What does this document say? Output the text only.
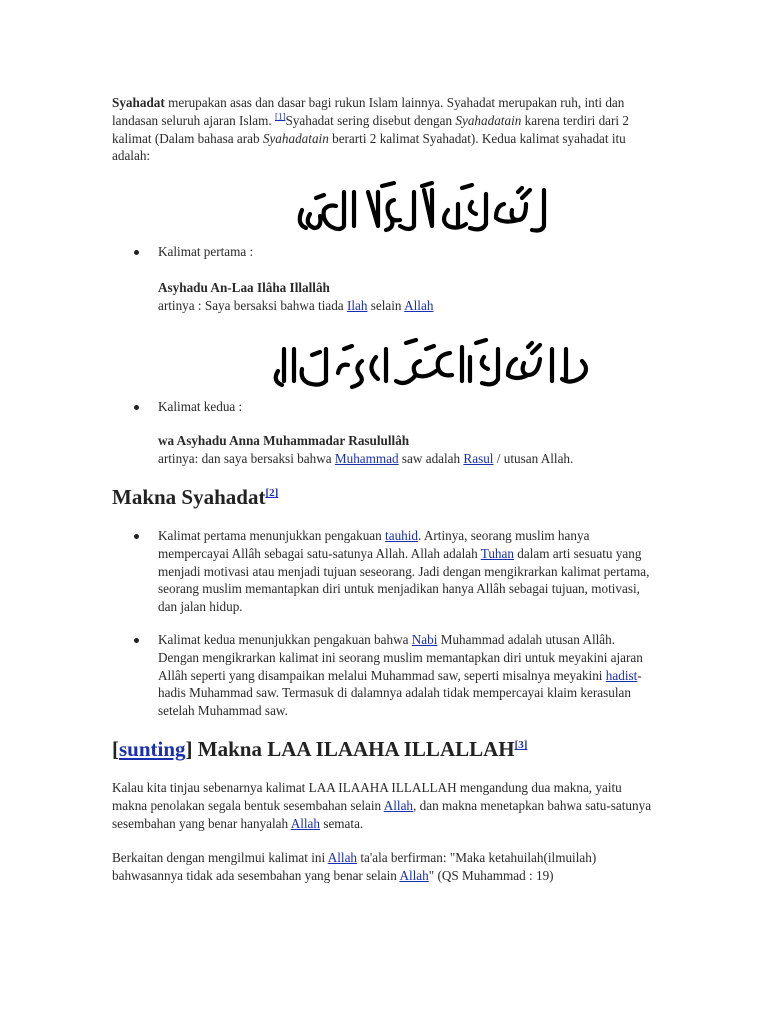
Syahadat merupakan asas dan dasar bagi rukun Islam lainnya. Syahadat merupakan ruh, inti dan landasan seluruh ajaran Islam. [1]Syahadat sering disebut dengan Syahadatain karena terdiri dari 2 kalimat (Dalam bahasa arab Syahadatain berarti 2 kalimat Syahadat). Kedua kalimat syahadat itu adalah:

Kalimat pertama :

Asyhadu An-Laa Ilâha Illallâh

artinya : Saya bersaksi bahwa tiada Ilah selain Allah

Kalimat kedua :

wa Asyhadu Anna Muhammadar Rasulullâh

artinya: dan saya bersaksi bahwa Muhammad saw adalah Rasul / utusan Allah.

Makna Syahadat[2]

Kalimat pertama menunjukkan pengakuan tauhid. Artinya, seorang muslim hanya mempercayai Allâh sebagai satu-satunya Allah. Allah adalah Tuhan dalam arti sesuatu yang menjadi motivasi atau menjadi tujuan seseorang. Jadi dengan mengikrarkan kalimat pertama, seorang muslim memantapkan diri untuk menjadikan hanya Allâh sebagai tujuan, motivasi, dan jalan hidup.

Kalimat kedua menunjukkan pengakuan bahwa Nabi Muhammad adalah utusan Allâh. Dengan mengikrarkan kalimat ini seorang muslim memantapkan diri untuk meyakini ajaran Allâh seperti yang disampaikan melalui Muhammad saw, seperti misalnya meyakini hadist-hadis Muhammad saw. Termasuk di dalamnya adalah tidak mempercayai klaim kerasulan setelah Muhammad saw.

[sunting] Makna LAA ILAAHA ILLALLAH[3]

Kalau kita tinjau sebenarnya kalimat LAA ILAAHA ILLALLAH mengandung dua makna, yaitu makna penolakan segala bentuk sesembahan selain Allah, dan makna menetapkan bahwa satu-satunya sesembahan yang benar hanyalah Allah semata.

Berkaitan dengan mengilmui kalimat ini Allah ta'ala berfirman: "Maka ketahuilah(ilmuilah) bahwasannya tidak ada sesembahan yang benar selain Allah" (QS Muhammad : 19)
